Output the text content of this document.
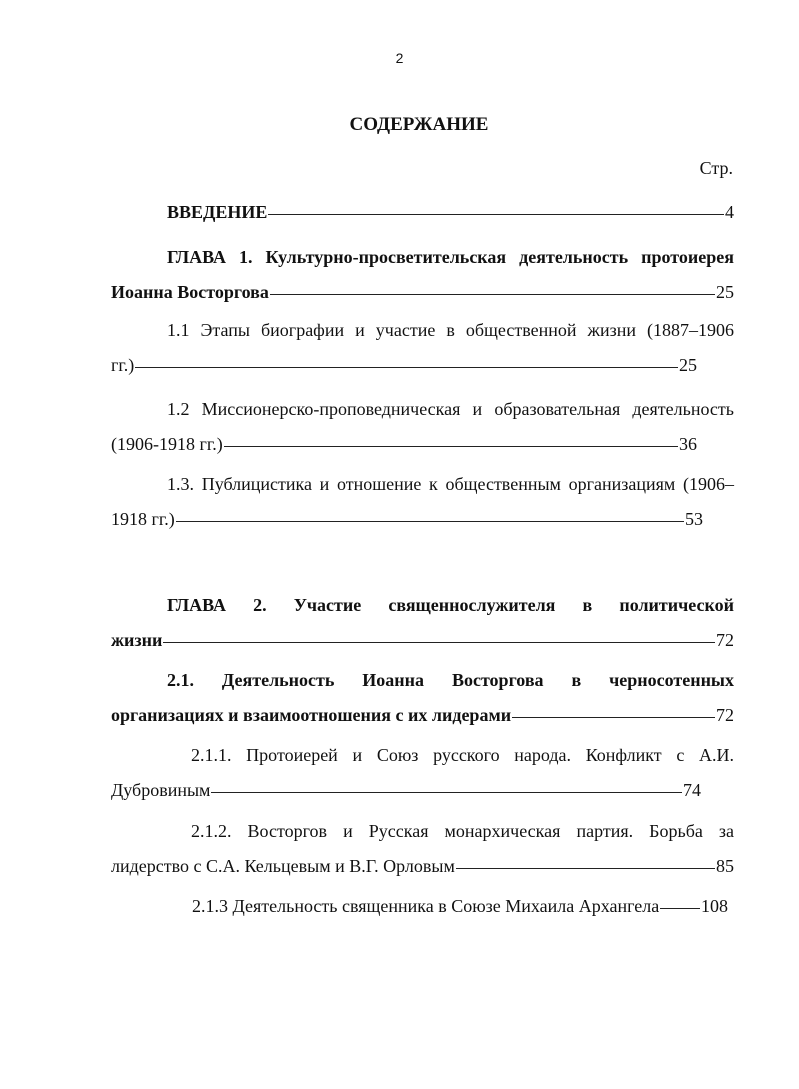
2
СОДЕРЖАНИЕ
Стр.
ВВЕДЕНИЕ	4
ГЛАВА 1. Культурно-просветительская деятельность протоиерея
Иоанна Восторгова	25
1.1 Этапы биографии и участие в общественной жизни (1887–1906
гг.)	25
1.2 Миссионерско-проповедническая и образовательная деятельность
(1906-1918 гг.)	36
1.3. Публицистика и отношение к общественным организациям (1906–
1918 гг.)	53
ГЛАВА 2. Участие священнослужителя в политической
жизни	72
2.1. Деятельность Иоанна Восторгова в черносотенных
организациях и взаимоотношения с их лидерами	72
2.1.1. Протоиерей и Союз русского народа. Конфликт с А.И.
Дубровиным	74
2.1.2. Восторгов и Русская монархическая партия. Борьба за
лидерство с С.А. Кельцевым и В.Г. Орловым	85
2.1.3 Деятельность священника в Союзе Михаила Архангела 108
